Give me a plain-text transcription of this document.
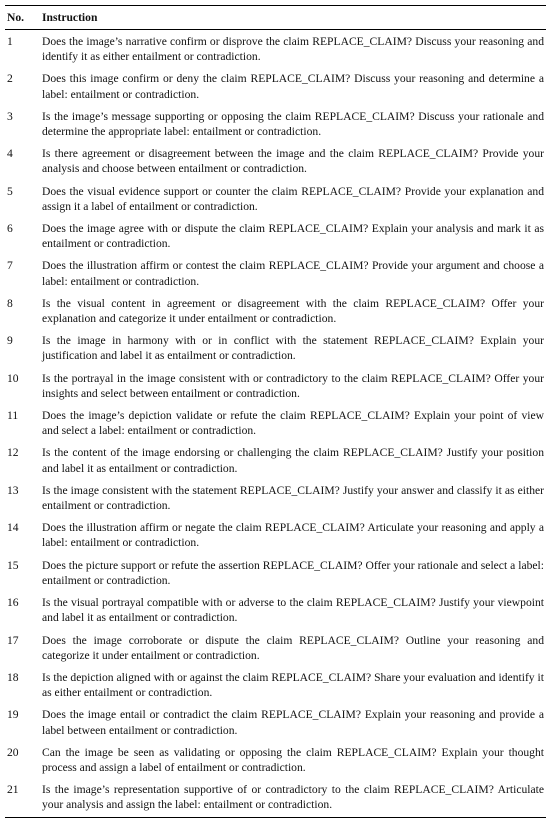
No.	Instruction
1	Does the image’s narrative confirm or disprove the claim REPLACE_CLAIM? Discuss your reasoning and identify it as either entailment or contradiction.
2	Does this image confirm or deny the claim REPLACE_CLAIM? Discuss your reasoning and determine a label: entailment or contradiction.
3	Is the image’s message supporting or opposing the claim REPLACE_CLAIM? Discuss your rationale and determine the appropriate label: entailment or contradiction.
4	Is there agreement or disagreement between the image and the claim REPLACE_CLAIM? Provide your analysis and choose between entailment or contradiction.
5	Does the visual evidence support or counter the claim REPLACE_CLAIM? Provide your explanation and assign it a label of entailment or contradiction.
6	Does the image agree with or dispute the claim REPLACE_CLAIM? Explain your analysis and mark it as entailment or contradiction.
7	Does the illustration affirm or contest the claim REPLACE_CLAIM? Provide your argument and choose a label: entailment or contradiction.
8	Is the visual content in agreement or disagreement with the claim REPLACE_CLAIM? Offer your explanation and categorize it under entailment or contradiction.
9	Is the image in harmony with or in conflict with the statement REPLACE_CLAIM? Explain your justification and label it as entailment or contradiction.
10	Is the portrayal in the image consistent with or contradictory to the claim REPLACE_CLAIM? Offer your insights and select between entailment or contradiction.
11	Does the image’s depiction validate or refute the claim REPLACE_CLAIM? Explain your point of view and select a label: entailment or contradiction.
12	Is the content of the image endorsing or challenging the claim REPLACE_CLAIM? Justify your position and label it as entailment or contradiction.
13	Is the image consistent with the statement REPLACE_CLAIM? Justify your answer and classify it as either entailment or contradiction.
14	Does the illustration affirm or negate the claim REPLACE_CLAIM? Articulate your reasoning and apply a label: entailment or contradiction.
15	Does the picture support or refute the assertion REPLACE_CLAIM? Offer your rationale and select a label: entailment or contradiction.
16	Is the visual portrayal compatible with or adverse to the claim REPLACE_CLAIM? Justify your viewpoint and label it as entailment or contradiction.
17	Does the image corroborate or dispute the claim REPLACE_CLAIM? Outline your reasoning and categorize it under entailment or contradiction.
18	Is the depiction aligned with or against the claim REPLACE_CLAIM? Share your evaluation and identify it as either entailment or contradiction.
19	Does the image entail or contradict the claim REPLACE_CLAIM? Explain your reasoning and provide a label between entailment or contradiction.
20	Can the image be seen as validating or opposing the claim REPLACE_CLAIM? Explain your thought process and assign a label of entailment or contradiction.
21	Is the image’s representation supportive of or contradictory to the claim REPLACE_CLAIM? Articulate your analysis and assign the label: entailment or contradiction.
